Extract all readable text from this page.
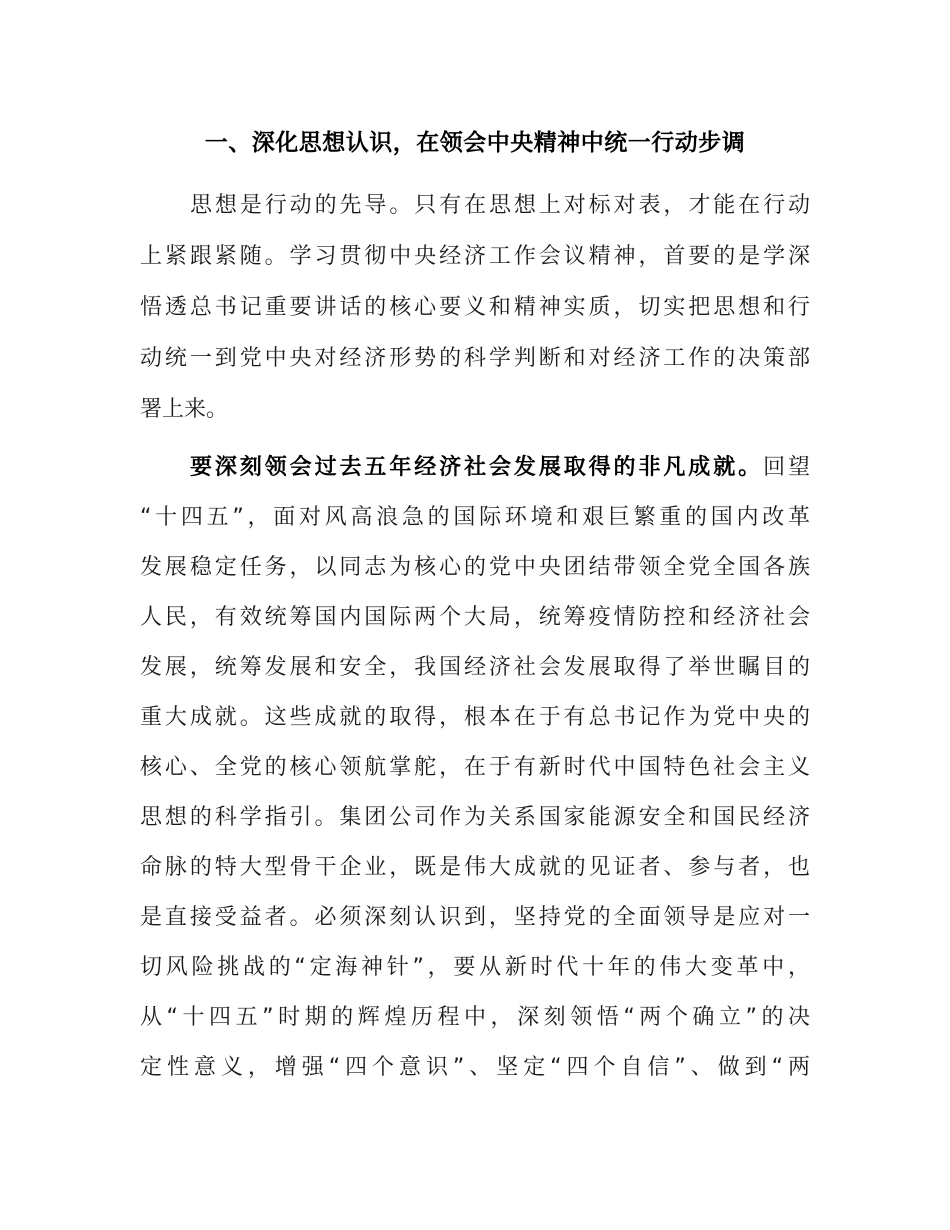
一、深化思想认识，在领会中央精神中统一行动步调
思想是行动的先导。只有在思想上对标对表，才能在行动
上紧跟紧随。学习贯彻中央经济工作会议精神，首要的是学深
悟透总书记重要讲话的核心要义和精神实质，切实把思想和行
动统一到党中央对经济形势的科学判断和对经济工作的决策部
署上来。
要深刻领会过去五年经济社会发展取得的非凡成就。回望
“十四五”，面对风高浪急的国际环境和艰巨繁重的国内改革
发展稳定任务，以同志为核心的党中央团结带领全党全国各族
人民，有效统筹国内国际两个大局，统筹疫情防控和经济社会
发展，统筹发展和安全，我国经济社会发展取得了举世瞩目的
重大成就。这些成就的取得，根本在于有总书记作为党中央的
核心、全党的核心领航掌舵，在于有新时代中国特色社会主义
思想的科学指引。集团公司作为关系国家能源安全和国民经济
命脉的特大型骨干企业，既是伟大成就的见证者、参与者，也
是直接受益者。必须深刻认识到，坚持党的全面领导是应对一
切风险挑战的“定海神针”，要从新时代十年的伟大变革中，
从“十四五”时期的辉煌历程中，深刻领悟“两个确立”的决
定性意义，增强“四个意识”、坚定“四个自信”、做到“两
